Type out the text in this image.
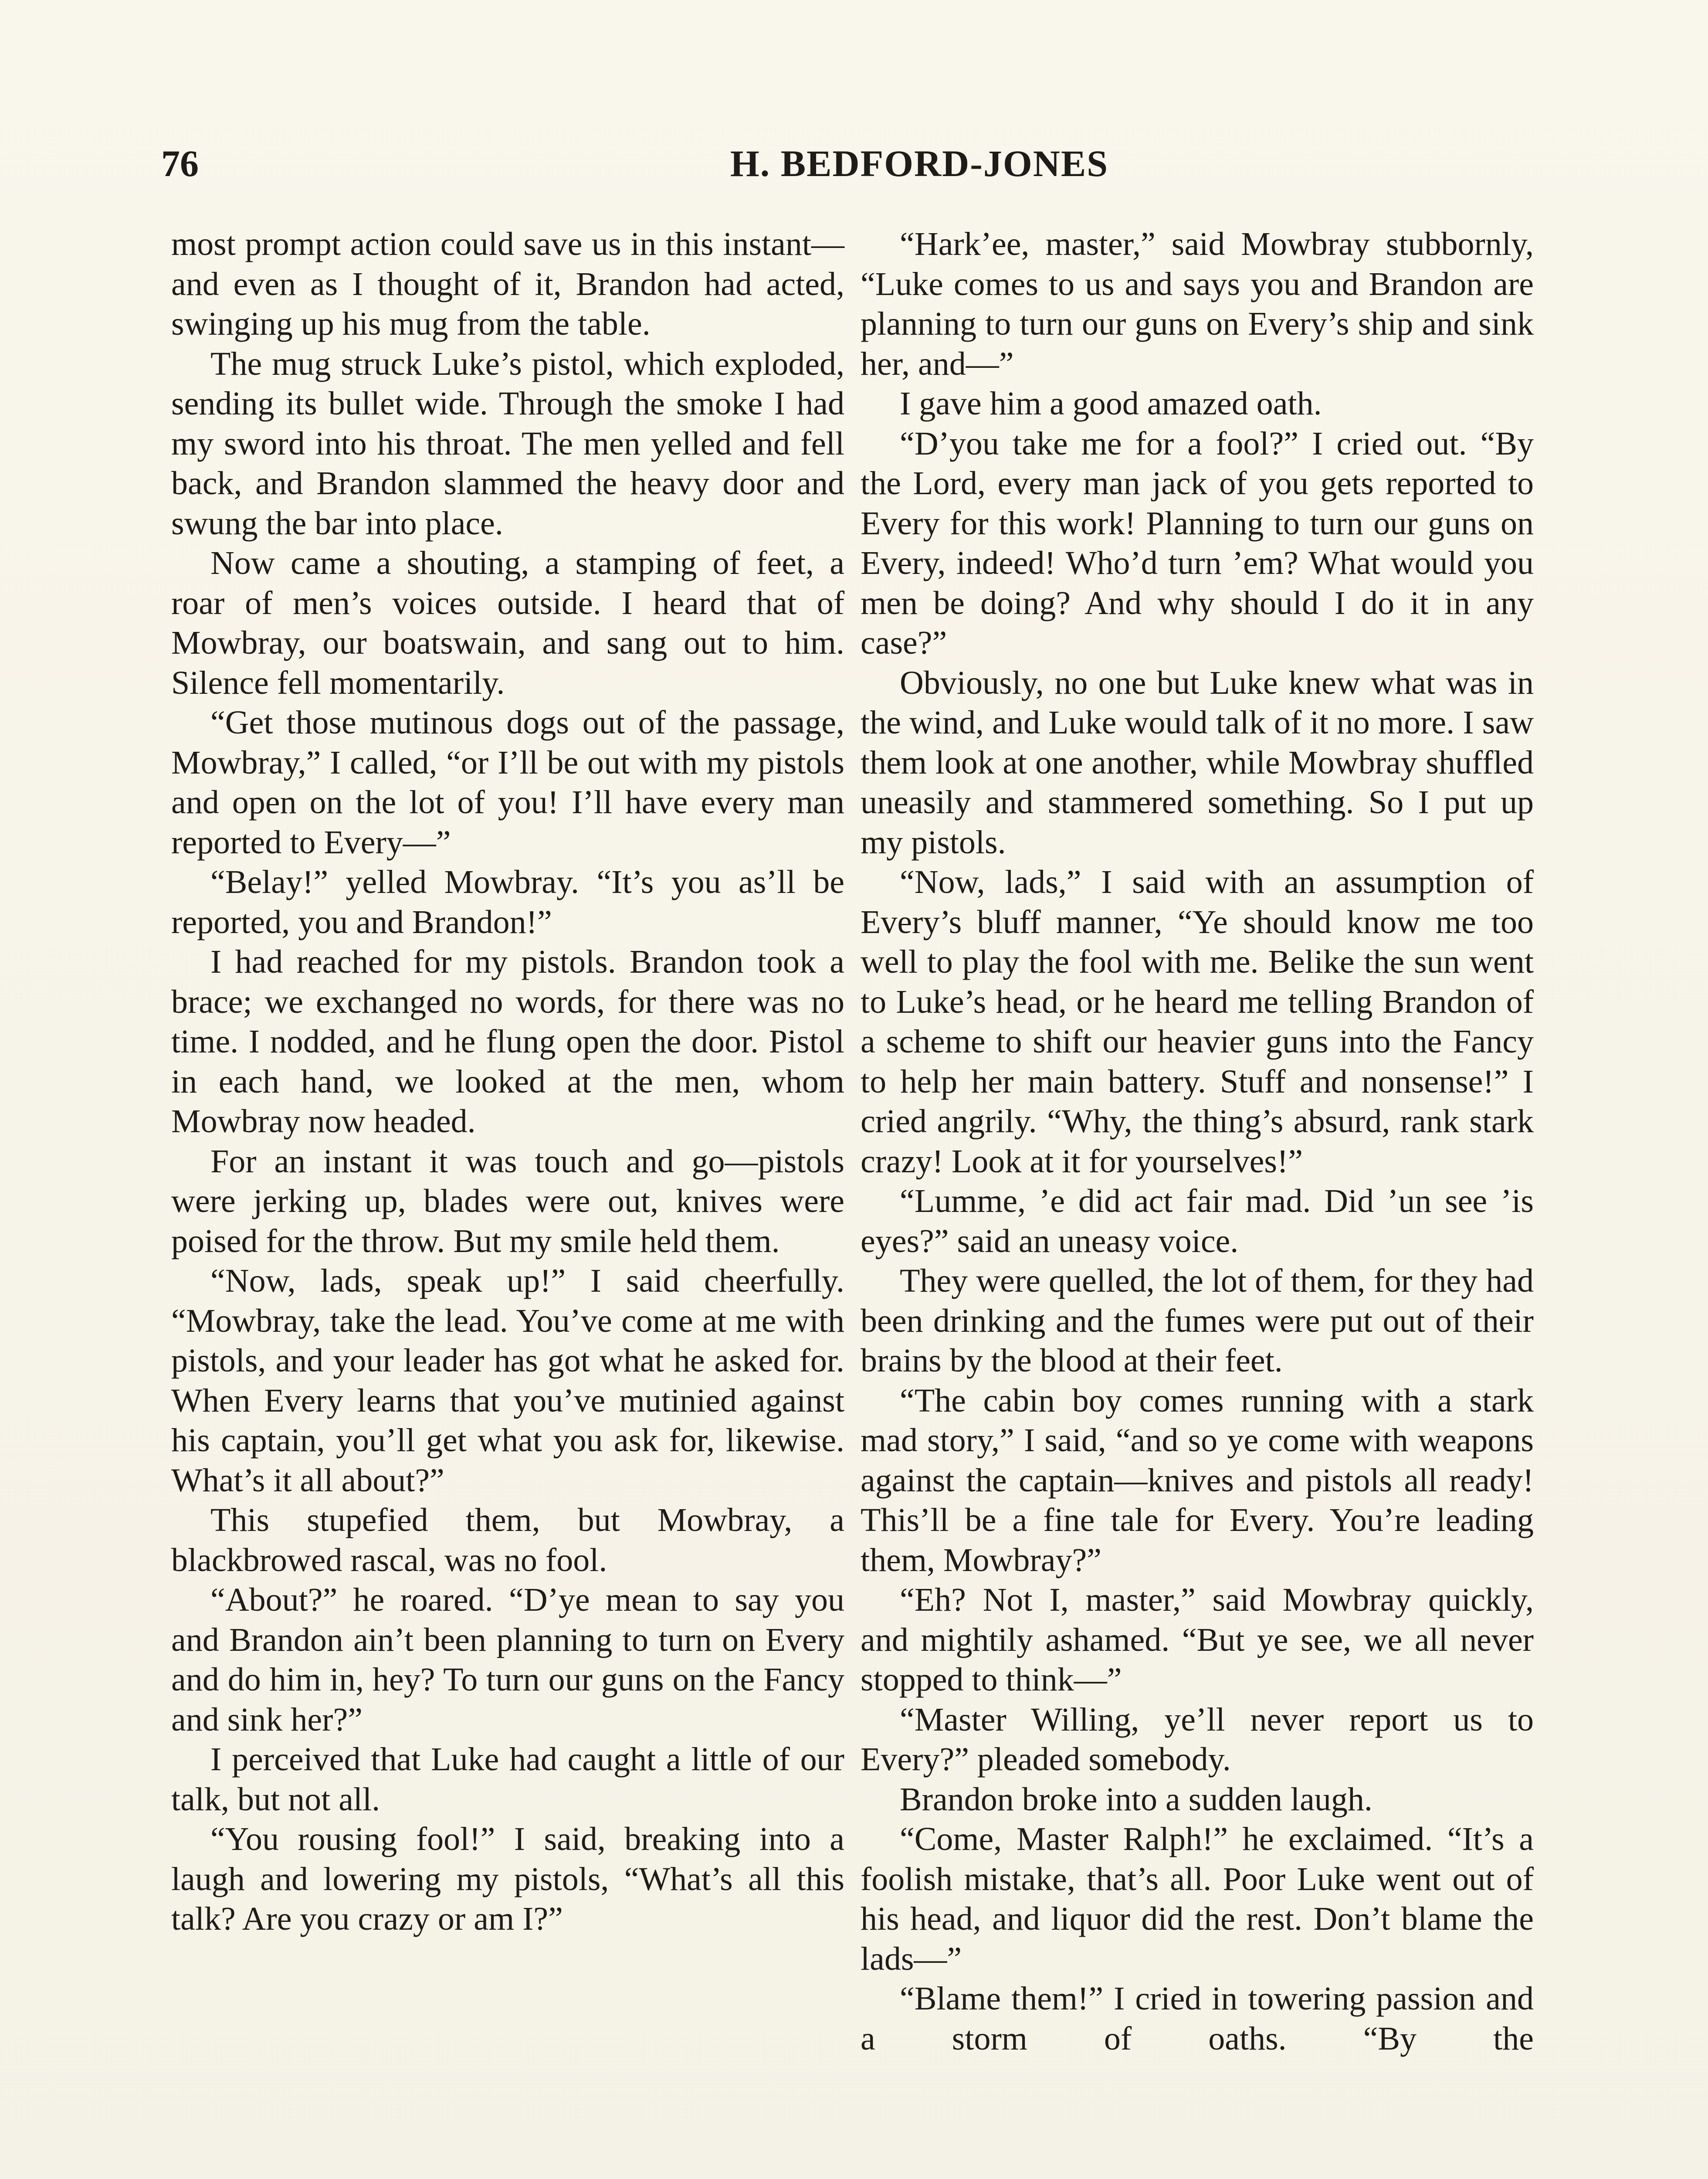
76	H. BEDFORD-JONES

most prompt action could save us in this instant—and even as I thought of it, Brandon had acted, swinging up his mug from the table.

The mug struck Luke’s pistol, which exploded, sending its bullet wide. Through the smoke I had my sword into his throat. The men yelled and fell back, and Brandon slammed the heavy door and swung the bar into place.

Now came a shouting, a stamping of feet, a roar of men’s voices outside. I heard that of Mowbray, our boatswain, and sang out to him. Silence fell momentarily.

“Get those mutinous dogs out of the passage, Mowbray,” I called, “or I’ll be out with my pistols and open on the lot of you! I’ll have every man reported to Every—”

“Belay!” yelled Mowbray. “It’s you as’ll be reported, you and Brandon!”

I had reached for my pistols. Brandon took a brace; we exchanged no words, for there was no time. I nodded, and he flung open the door. Pistol in each hand, we looked at the men, whom Mowbray now headed.

For an instant it was touch and go—pistols were jerking up, blades were out, knives were poised for the throw. But my smile held them.

“Now, lads, speak up!” I said cheerfully. “Mowbray, take the lead. You’ve come at me with pistols, and your leader has got what he asked for. When Every learns that you’ve mutinied against his captain, you’ll get what you ask for, likewise. What’s it all about?”

This stupefied them, but Mowbray, a blackbrowed rascal, was no fool.

“About?” he roared. “D’ye mean to say you and Brandon ain’t been planning to turn on Every and do him in, hey? To turn our guns on the Fancy and sink her?”

I perceived that Luke had caught a little of our talk, but not all.

“You rousing fool!” I said, breaking into a laugh and lowering my pistols, “What’s all this talk? Are you crazy or am I?”

“Hark’ee, master,” said Mowbray stubbornly, “Luke comes to us and says you and Brandon are planning to turn our guns on Every’s ship and sink her, and—”

I gave him a good amazed oath.

“D’you take me for a fool?” I cried out. “By the Lord, every man jack of you gets reported to Every for this work! Planning to turn our guns on Every, indeed! Who’d turn ’em? What would you men be doing? And why should I do it in any case?”

Obviously, no one but Luke knew what was in the wind, and Luke would talk of it no more. I saw them look at one another, while Mowbray shuffled uneasily and stammered something. So I put up my pistols.

“Now, lads,” I said with an assumption of Every’s bluff manner, “Ye should know me too well to play the fool with me. Belike the sun went to Luke’s head, or he heard me telling Brandon of a scheme to shift our heavier guns into the Fancy to help her main battery. Stuff and nonsense!” I cried angrily. “Why, the thing’s absurd, rank stark crazy! Look at it for yourselves!”

“Lumme, ’e did act fair mad. Did ’un see ’is eyes?” said an uneasy voice.

They were quelled, the lot of them, for they had been drinking and the fumes were put out of their brains by the blood at their feet.

“The cabin boy comes running with a stark mad story,” I said, “and so ye come with weapons against the captain—knives and pistols all ready! This’ll be a fine tale for Every. You’re leading them, Mowbray?”

“Eh? Not I, master,” said Mowbray quickly, and mightily ashamed. “But ye see, we all never stopped to think—”

“Master Willing, ye’ll never report us to Every?” pleaded somebody.

Brandon broke into a sudden laugh.

“Come, Master Ralph!” he exclaimed. “It’s a foolish mistake, that’s all. Poor Luke went out of his head, and liquor did the rest. Don’t blame the lads—”

“Blame them!” I cried in towering passion and a storm of oaths. “By the
